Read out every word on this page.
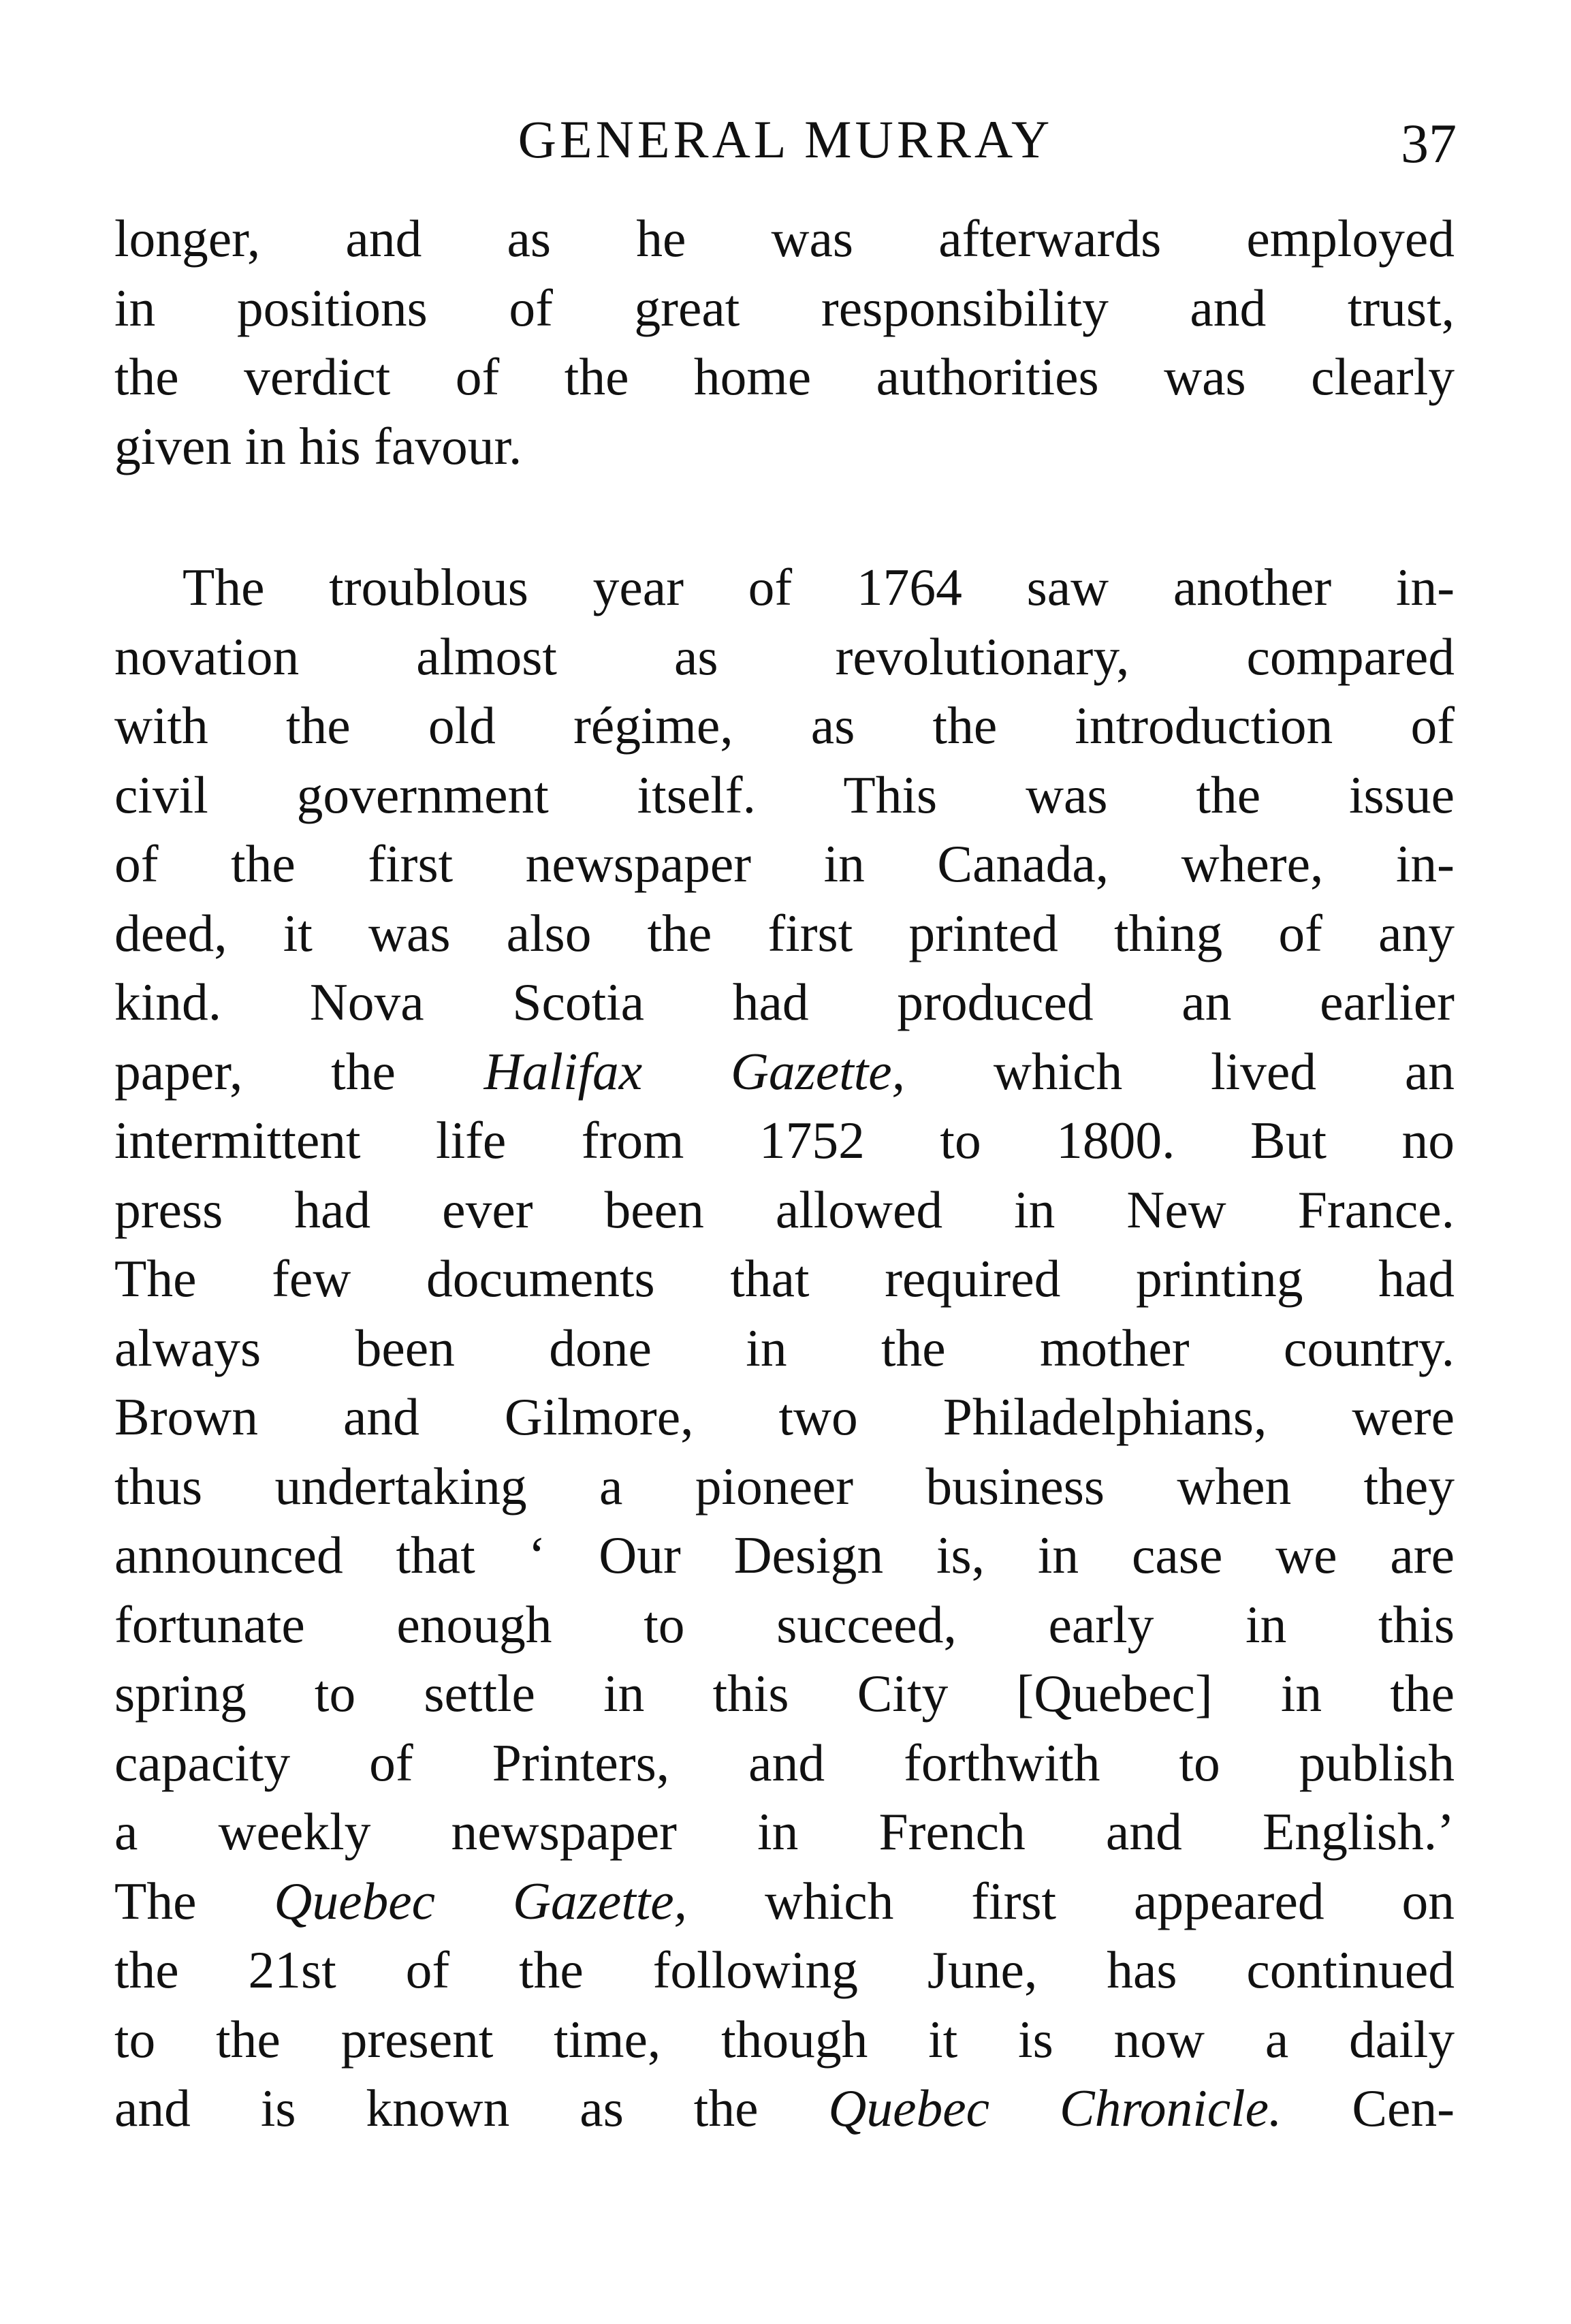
GENERAL MURRAY	37
longer, and as he was afterwards employed
in positions of great responsibility and trust,
the verdict of the home authorities was clearly
given in his favour.
The troublous year of 1764 saw another in-
novation almost as revolutionary, compared
with the old régime, as the introduction of
civil government itself. This was the issue
of the first newspaper in Canada, where, in-
deed, it was also the first printed thing of any
kind. Nova Scotia had produced an earlier
paper, the Halifax Gazette, which lived an
intermittent life from 1752 to 1800. But no
press had ever been allowed in New France.
The few documents that required printing had
always been done in the mother country.
Brown and Gilmore, two Philadelphians, were
thus undertaking a pioneer business when they
announced that ‘ Our Design is, in case we are
fortunate enough to succeed, early in this
spring to settle in this City [Quebec] in the
capacity of Printers, and forthwith to publish
a weekly newspaper in French and English.’
The Quebec Gazette, which first appeared on
the 21st of the following June, has continued
to the present time, though it is now a daily
and is known as the Quebec Chronicle. Cen-
